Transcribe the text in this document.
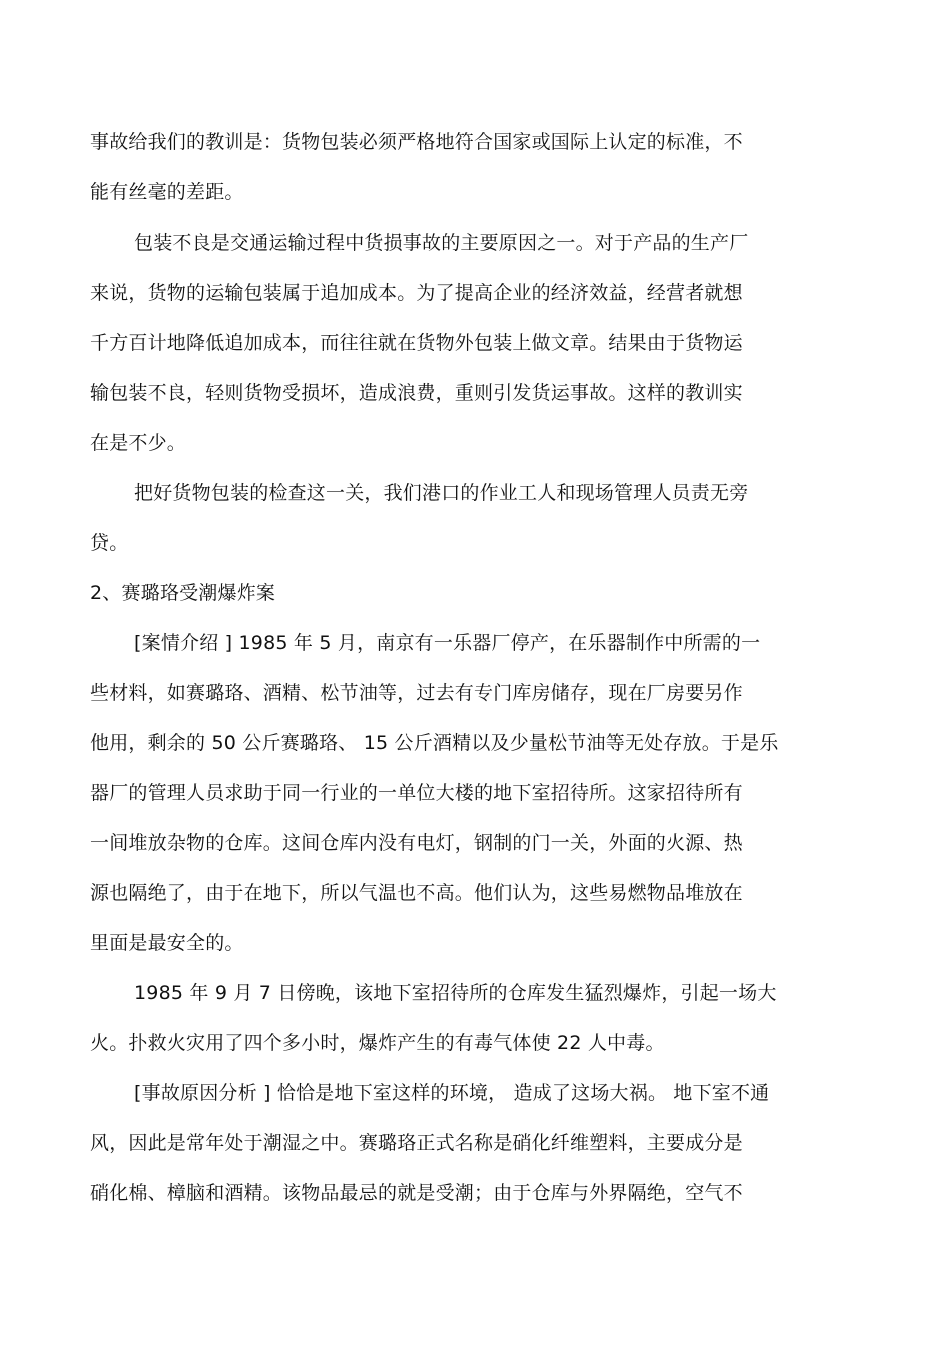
事故给我们的教训是：货物包装必须严格地符合国家或国际上认定的标准，不
能有丝毫的差距。
包装不良是交通运输过程中货损事故的主要原因之一。对于产品的生产厂
来说，货物的运输包装属于追加成本。为了提高企业的经济效益，经营者就想
千方百计地降低追加成本，而往往就在货物外包装上做文章。结果由于货物运
输包装不良，轻则货物受损坏，造成浪费，重则引发货运事故。这样的教训实
在是不少。
把好货物包装的检查这一关，我们港口的作业工人和现场管理人员责无旁
贷。
2、赛璐珞受潮爆炸案
[案情介绍 ] 1985 年 5 月，南京有一乐器厂停产，在乐器制作中所需的一
些材料，如赛璐珞、酒精、松节油等，过去有专门库房储存，现在厂房要另作
他用，剩余的 50 公斤赛璐珞、 15 公斤酒精以及少量松节油等无处存放。于是乐
器厂的管理人员求助于同一行业的一单位大楼的地下室招待所。这家招待所有
一间堆放杂物的仓库。这间仓库内没有电灯，钢制的门一关，外面的火源、热
源也隔绝了，由于在地下，所以气温也不高。他们认为，这些易燃物品堆放在
里面是最安全的。
1985 年 9 月 7 日傍晚，该地下室招待所的仓库发生猛烈爆炸，引起一场大
火。扑救火灾用了四个多小时，爆炸产生的有毒气体使 22 人中毒。
[事故原因分析 ] 恰恰是地下室这样的环境， 造成了这场大祸。 地下室不通
风，因此是常年处于潮湿之中。赛璐珞正式名称是硝化纤维塑料，主要成分是
硝化棉、樟脑和酒精。该物品最忌的就是受潮；由于仓库与外界隔绝，空气不
